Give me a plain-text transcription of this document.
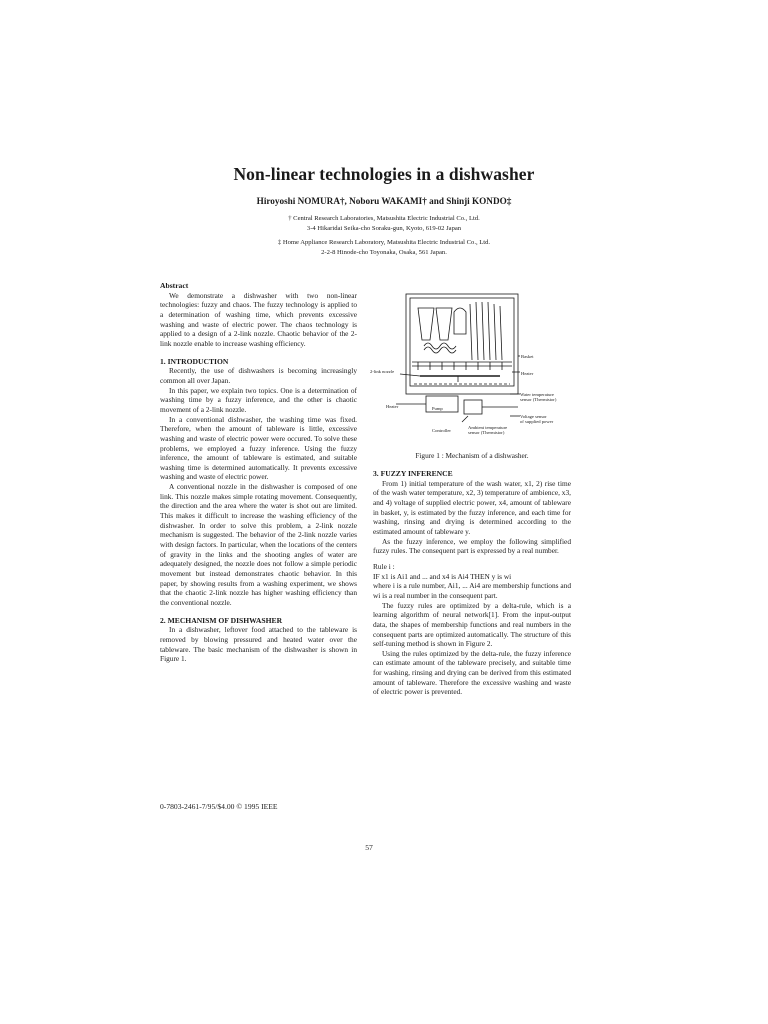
Non-linear technologies in a dishwasher
Hiroyoshi NOMURA†, Noboru WAKAMI† and Shinji KONDO‡
† Central Research Laboratories, Matsushita Electric Industrial Co., Ltd.
3-4 Hikaridai Seika-cho Soraku-gun, Kyoto, 619-02 Japan
‡ Home Appliance Research Laboratory, Matsushita Electric Industrial Co., Ltd.
2-2-8 Hinode-cho Toyonaka, Osaka, 561 Japan.

Abstract

We demonstrate a dishwasher with two non-linear technologies: fuzzy and chaos. The fuzzy technology is applied to a determination of washing time, which prevents excessive washing and waste of electric power. The chaos technology is applied to a design of a 2-link nozzle. Chaotic behavior of the 2-link nozzle enable to increase washing efficiency.

1. INTRODUCTION

Recently, the use of dishwashers is becoming increasingly common all over Japan.

In this paper, we explain two topics. One is a determination of washing time by a fuzzy inference, and the other is chaotic movement of a 2-link nozzle.

In a conventional dishwasher, the washing time was fixed. Therefore, when the amount of tableware is little, excessive washing and waste of electric power were occured. To solve these problems, we employed a fuzzy inference. Using the fuzzy inference, the amount of tableware is estimated, and suitable washing time is determined automatically. It prevents excessive washing and waste of electric power.

A conventional nozzle in the dishwasher is composed of one link. This nozzle makes simple rotating movement. Consequently, the direction and the area where the water is shot out are limited. This makes it difficult to increase the washing efficiency of the dishwasher. In order to solve this problem, a 2-link nozzle mechanism is suggested. The behavior of the 2-link nozzle varies with design factors. In particular, when the locations of the centers of gravity in the links and the shooting angles of water are adequately designed, the nozzle does not follow a simple periodic movement but instead demonstrates chaotic behavior. In this paper, by showing results from a washing experiment, we shows that the chaotic 2-link nozzle has higher washing efficiency than the conventional nozzle.

2. MECHANISM OF DISHWASHER

In a dishwasher, leftover food attached to the tableware is removed by blowing pressured and heated water over the tableware. The basic mechanism of the dishwasher is shown in Figure 1.

Basket
Heater
2-link nozzle
Water temperature
sensor (Thermistor)
Heater	Pump
Voltage sensor
of supplied power
Controller
Ambient temperature
sensor (Thermistor)
Figure 1 : Mechanism of a dishwasher.

3. FUZZY INFERENCE

From 1) initial temperature of the wash water, x1, 2) rise time of the wash water temperature, x2, 3) temperature of ambience, x3, and 4) voltage of supplied electric power, x4, amount of tableware in basket, y, is estimated by the fuzzy inference, and each time for washing, rinsing and drying is determined according to the estimated amount of tableware y.

As the fuzzy inference, we employ the following simplified fuzzy rules. The consequent part is expressed by a real number.

Rule i :

IF x1 is Ai1 and ... and x4 is Ai4 THEN y is wi

where i is a rule number, Ai1, ... Ai4 are membership functions and wi is a real number in the consequent part.

The fuzzy rules are optimized by a delta-rule, which is a learning algorithm of neural network[1]. From the input-output data, the shapes of membership functions and real numbers in the consequent parts are optimized automatically. The structure of this self-tuning method is shown in Figure 2.

Using the rules optimized by the delta-rule, the fuzzy inference can estimate amount of the tableware precisely, and suitable time for washing, rinsing and drying can be derived from this estimated amount of tableware. Therefore the excessive washing and waste of electric power is prevented.

0-7803-2461-7/95/$4.00 © 1995 IEEE
57
